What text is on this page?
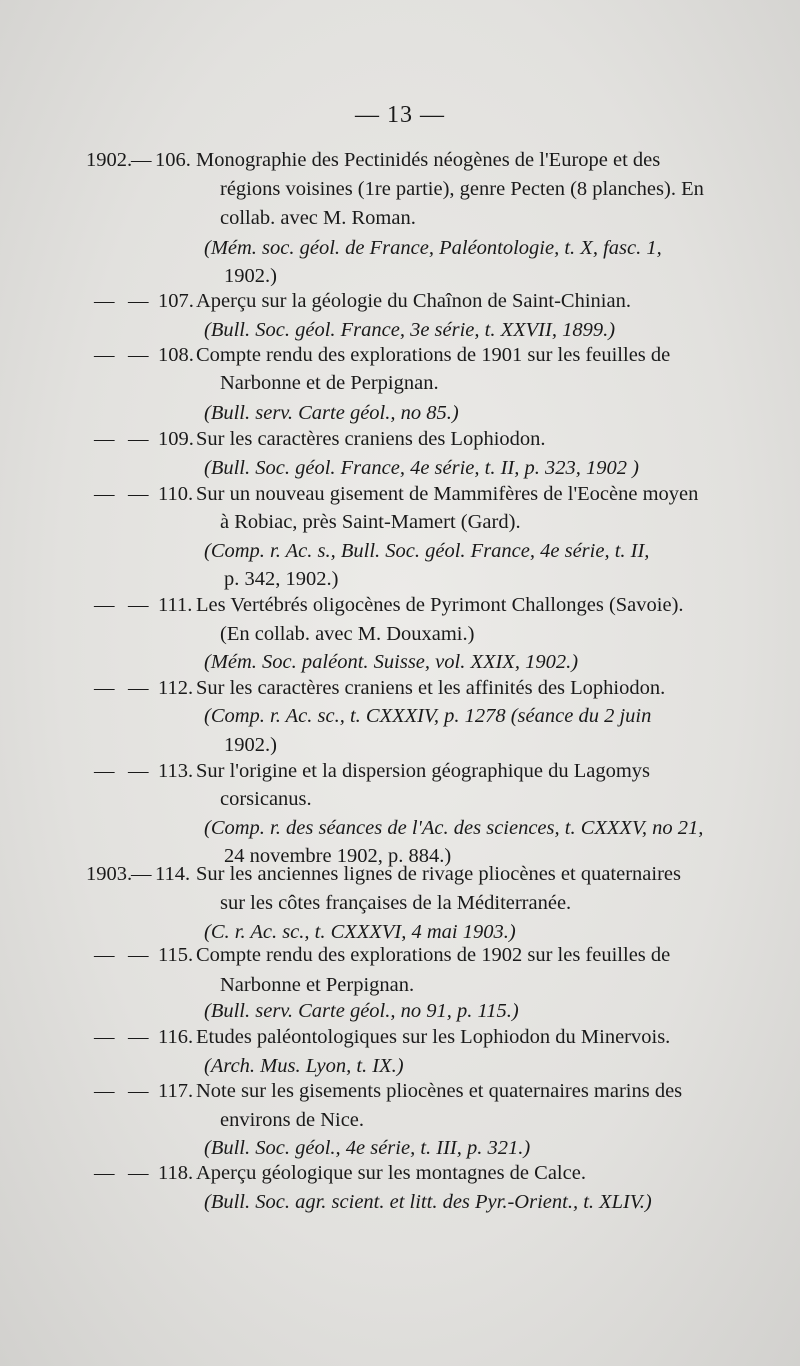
— 13 —
1902.
— 106. Monographie des Pectinidés néogènes de l'Europe et des
régions voisines (1re partie), genre Pecten (8 planches). En
collab. avec M. Roman.
(Mém. soc. géol. de France, Paléontologie, t. X, fasc. 1,
1902.)
— — 107. Aperçu sur la géologie du Chaînon de Saint-Chinian.
(Bull. Soc. géol. France, 3e série, t. XXVII, 1899.)
— — 108. Compte rendu des explorations de 1901 sur les feuilles de
Narbonne et de Perpignan.
(Bull. serv. Carte géol., no 85.)
— — 109. Sur les caractères craniens des Lophiodon.
(Bull. Soc. géol. France, 4e série, t. II, p. 323, 1902 )
— — 110. Sur un nouveau gisement de Mammifères de l'Eocène moyen
à Robiac, près Saint-Mamert (Gard).
(Comp. r. Ac. s., Bull. Soc. géol. France, 4e série, t. II,
p. 342, 1902.)
— — 111. Les Vertébrés oligocènes de Pyrimont Challonges (Savoie).
(En collab. avec M. Douxami.)
(Mém. Soc. paléont. Suisse, vol. XXIX, 1902.)
— — 112. Sur les caractères craniens et les affinités des Lophiodon.
(Comp. r. Ac. sc., t. CXXXIV, p. 1278 (séance du 2 juin
1902.)
— — 113. Sur l'origine et la dispersion géographique du Lagomys
corsicanus.
(Comp. r. des séances de l'Ac. des sciences, t. CXXXV, no 21,
24 novembre 1902, p. 884.)
1903.
— 114. Sur les anciennes lignes de rivage pliocènes et quaternaires
sur les côtes françaises de la Méditerranée.
(C. r. Ac. sc., t. CXXXVI, 4 mai 1903.)
— — 115. Compte rendu des explorations de 1902 sur les feuilles de
Narbonne et Perpignan.
(Bull. serv. Carte géol., no 91, p. 115.)
— — 116. Etudes paléontologiques sur les Lophiodon du Minervois.
(Arch. Mus. Lyon, t. IX.)
— — 117. Note sur les gisements pliocènes et quaternaires marins des
environs de Nice.
(Bull. Soc. géol., 4e série, t. III, p. 321.)
— — 118. Aperçu géologique sur les montagnes de Calce.
(Bull. Soc. agr. scient. et litt. des Pyr.-Orient., t. XLIV.)
